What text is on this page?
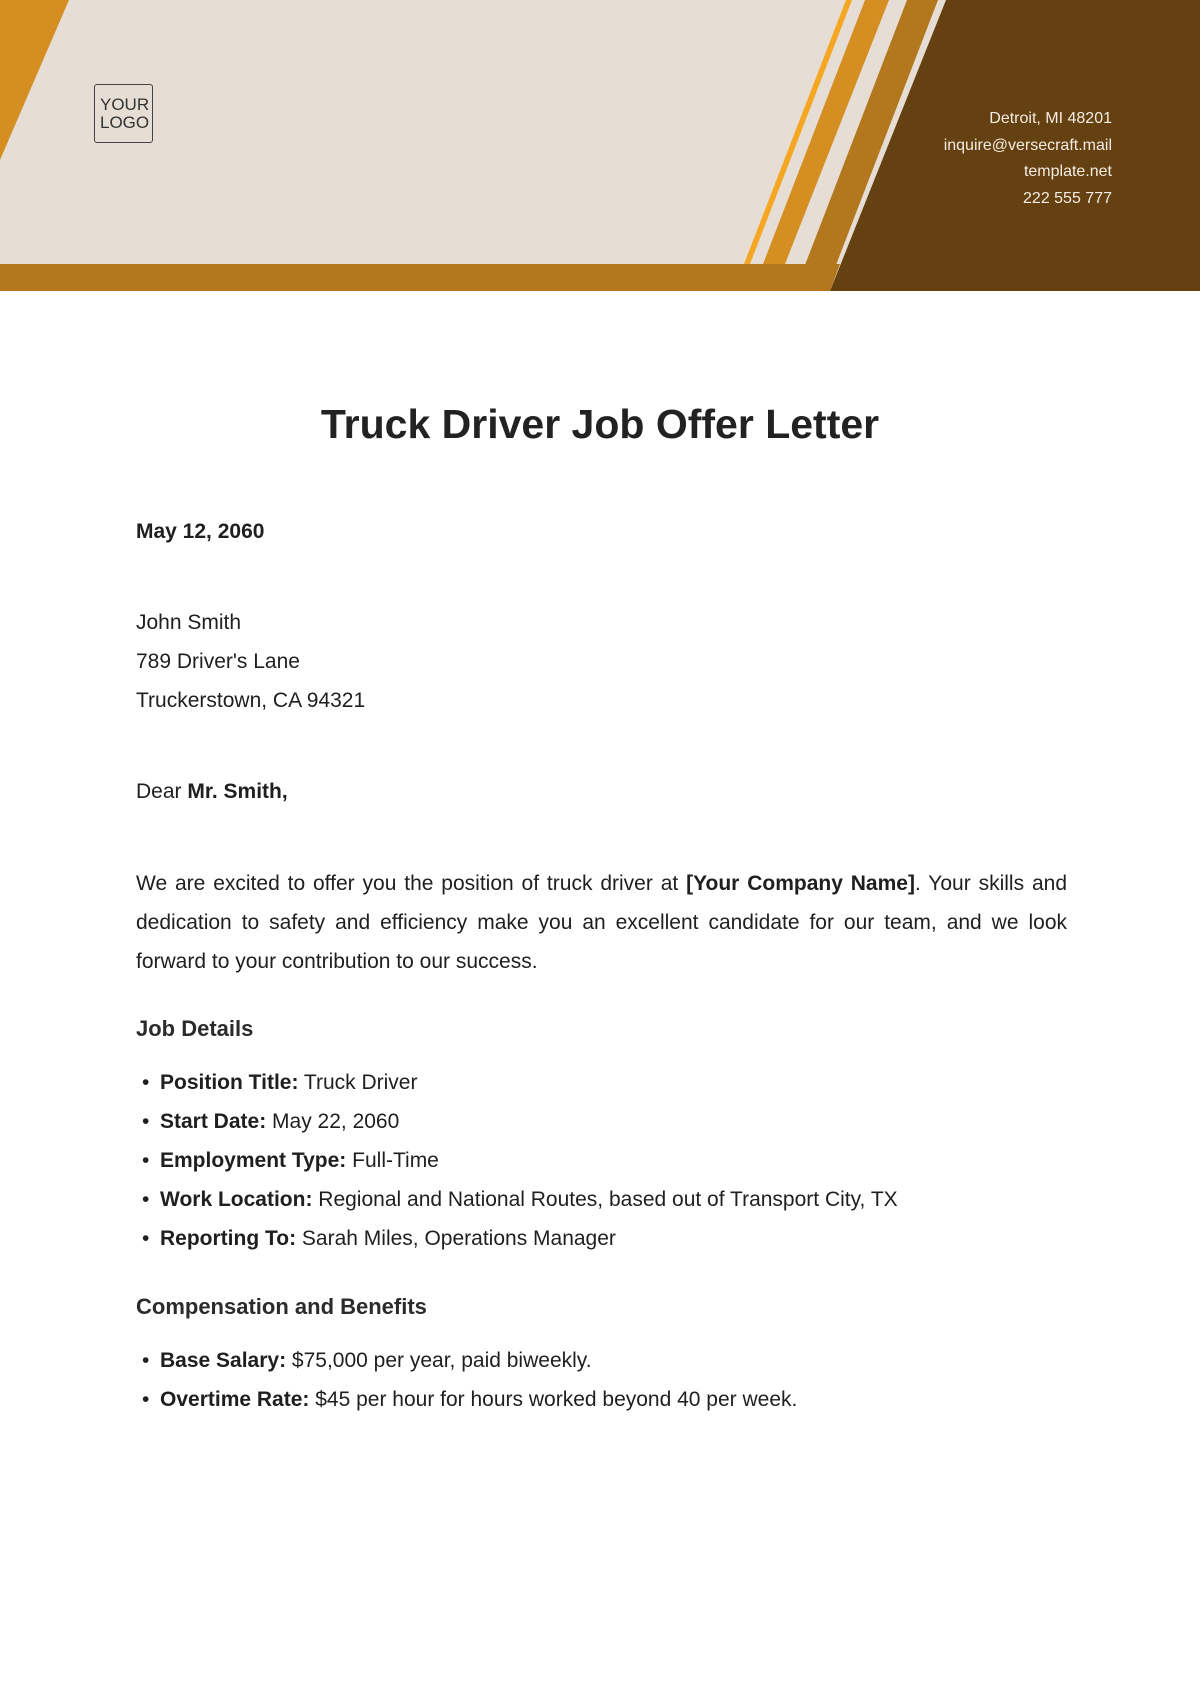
YOUR
LOGO	Detroit, MI 48201
inquire@versecraft.mail
template.net
222 555 777
Truck Driver Job Offer Letter
May 12, 2060
John Smith
789 Driver's Lane
Truckerstown, CA 94321
Dear Mr. Smith,
We are excited to offer you the position of truck driver at [Your Company Name]. Your skills and dedication to safety and efficiency make you an excellent candidate for our team, and we look forward to your contribution to our success.
Job Details
• Position Title: Truck Driver
• Start Date: May 22, 2060
• Employment Type: Full-Time
• Work Location: Regional and National Routes, based out of Transport City, TX
• Reporting To: Sarah Miles, Operations Manager
Compensation and Benefits
• Base Salary: $75,000 per year, paid biweekly.
• Overtime Rate: $45 per hour for hours worked beyond 40 per week.
